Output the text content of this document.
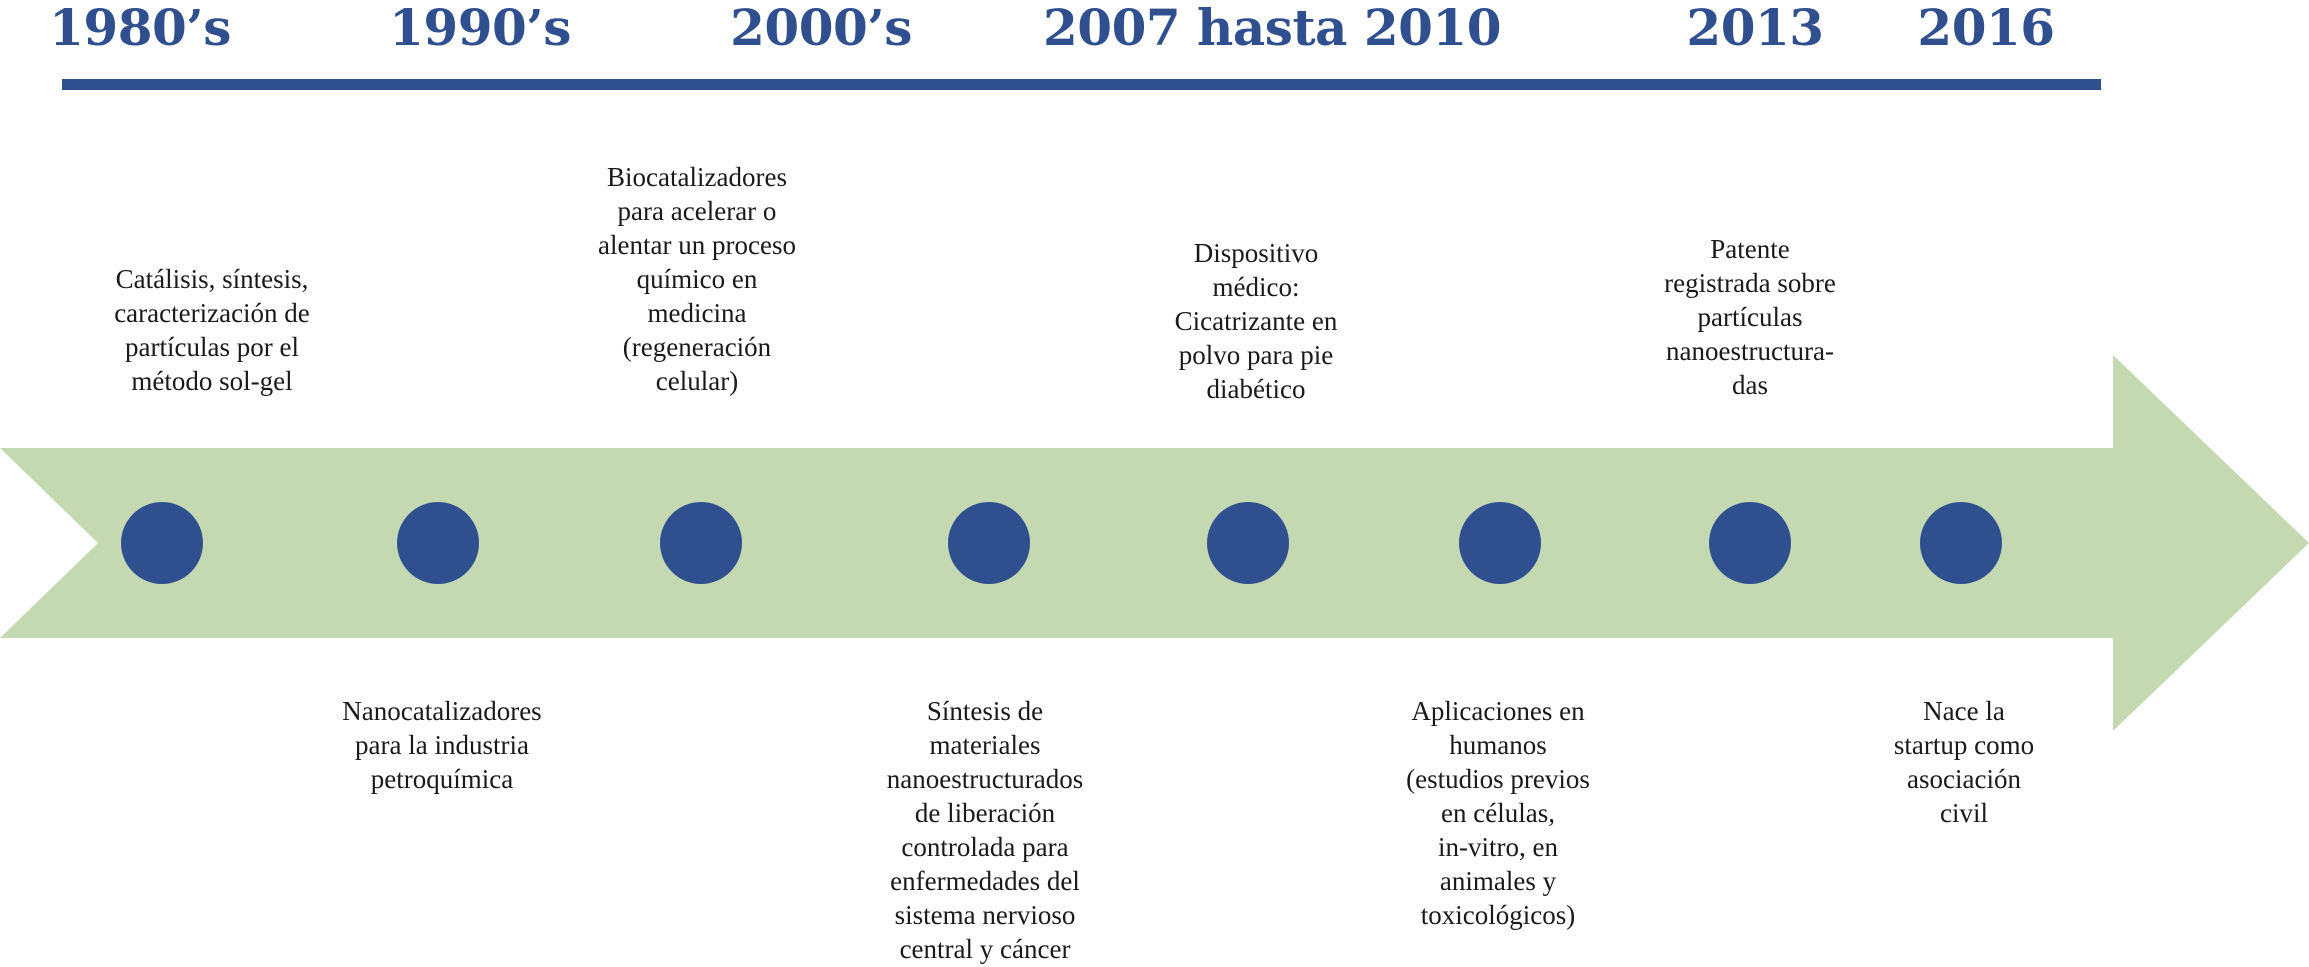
1980’s	1990’s	2000’s	2007 hasta 2010	2013 2016
Catálisis, síntesis,
caracterización de
partículas por el
método sol-gel
Biocatalizadores
para acelerar o
alentar un proceso
químico en
medicina
(regeneración
celular)
Dispositivo
médico:
Cicatrizante en
polvo para pie
diabético
Patente
registrada sobre
partículas
nanoestructura-
das
Nanocatalizadores
para la industria
petroquímica
Síntesis de
materiales
nanoestructurados
de liberación
controlada para
enfermedades del
sistema nervioso
central y cáncer
Aplicaciones en
humanos
(estudios previos
en células,
in-vitro, en
animales y
toxicológicos)
Nace la
startup como
asociación
civil
